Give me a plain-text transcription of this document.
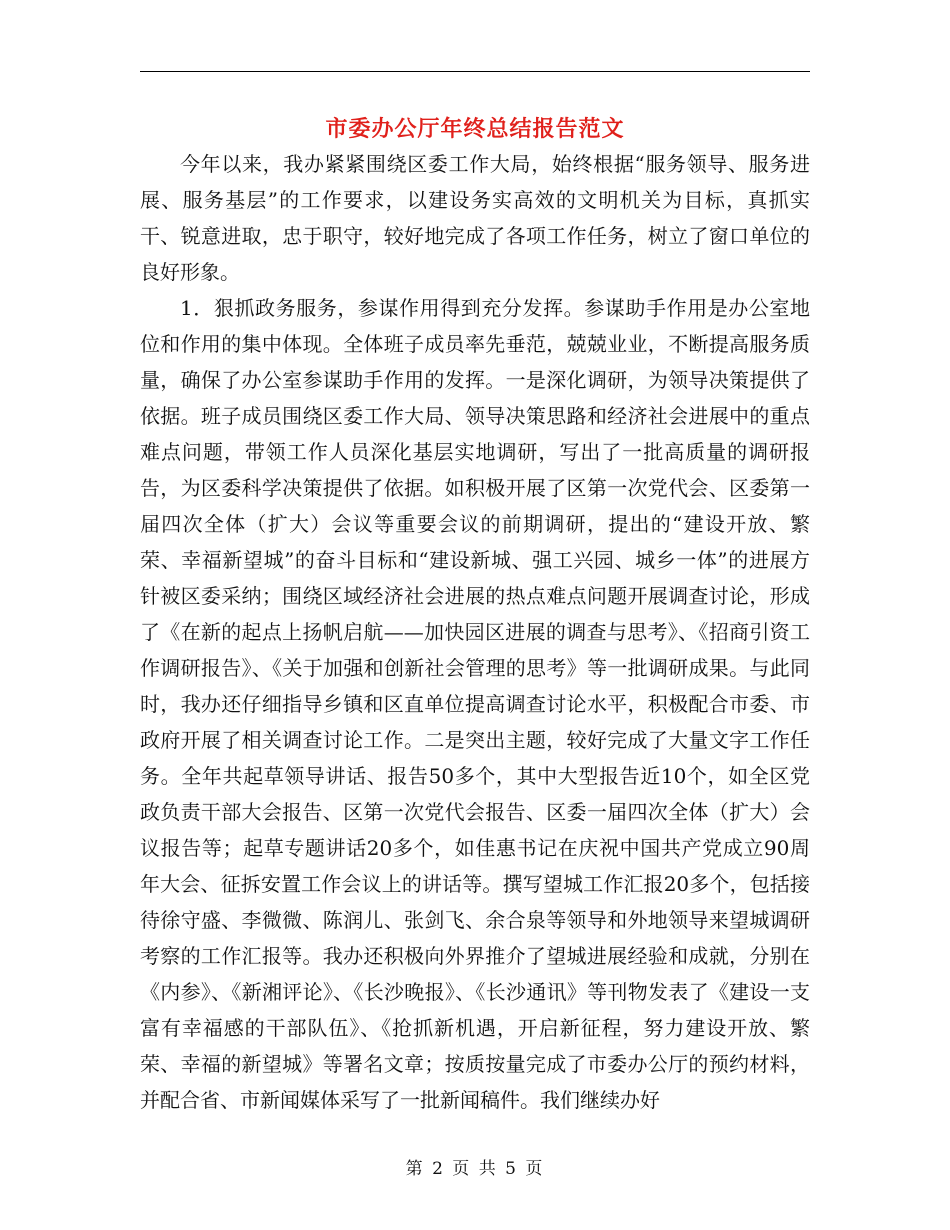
市委办公厅年终总结报告范文

今年以来，我办紧紧围绕区委工作大局，始终根据“服务领导、服务进展、服务基层”的工作要求，以建设务实高效的文明机关为目标，真抓实干、锐意进取，忠于职守，较好地完成了各项工作任务，树立了窗口单位的良好形象。

1．狠抓政务服务，参谋作用得到充分发挥。参谋助手作用是办公室地位和作用的集中体现。全体班子成员率先垂范，兢兢业业，不断提高服务质量，确保了办公室参谋助手作用的发挥。一是深化调研，为领导决策提供了依据。班子成员围绕区委工作大局、领导决策思路和经济社会进展中的重点难点问题，带领工作人员深化基层实地调研，写出了一批高质量的调研报告，为区委科学决策提供了依据。如积极开展了区第一次党代会、区委第一届四次全体（扩大）会议等重要会议的前期调研，提出的“建设开放、繁荣、幸福新望城”的奋斗目标和“建设新城、强工兴园、城乡一体”的进展方针被区委采纳；围绕区域经济社会进展的热点难点问题开展调查讨论，形成了《在新的起点上扬帆启航——加快园区进展的调查与思考》、《招商引资工作调研报告》、《关于加强和创新社会管理的思考》等一批调研成果。与此同时，我办还仔细指导乡镇和区直单位提高调查讨论水平，积极配合市委、市政府开展了相关调查讨论工作。二是突出主题，较好完成了大量文字工作任务。全年共起草领导讲话、报告50多个，其中大型报告近10个，如全区党政负责干部大会报告、区第一次党代会报告、区委一届四次全体（扩大）会议报告等；起草专题讲话20多个，如佳惠书记在庆祝中国共产党成立90周年大会、征拆安置工作会议上的讲话等。撰写望城工作汇报20多个，包括接待徐守盛、李微微、陈润儿、张剑飞、余合泉等领导和外地领导来望城调研考察的工作汇报等。我办还积极向外界推介了望城进展经验和成就，分别在《内参》、《新湘评论》、《长沙晚报》、《长沙通讯》等刊物发表了《建设一支富有幸福感的干部队伍》、《抢抓新机遇，开启新征程，努力建设开放、繁荣、幸福的新望城》等署名文章；按质按量完成了市委办公厅的预约材料，并配合省、市新闻媒体采写了一批新闻稿件。我们继续办好

第 2 页 共 5 页
